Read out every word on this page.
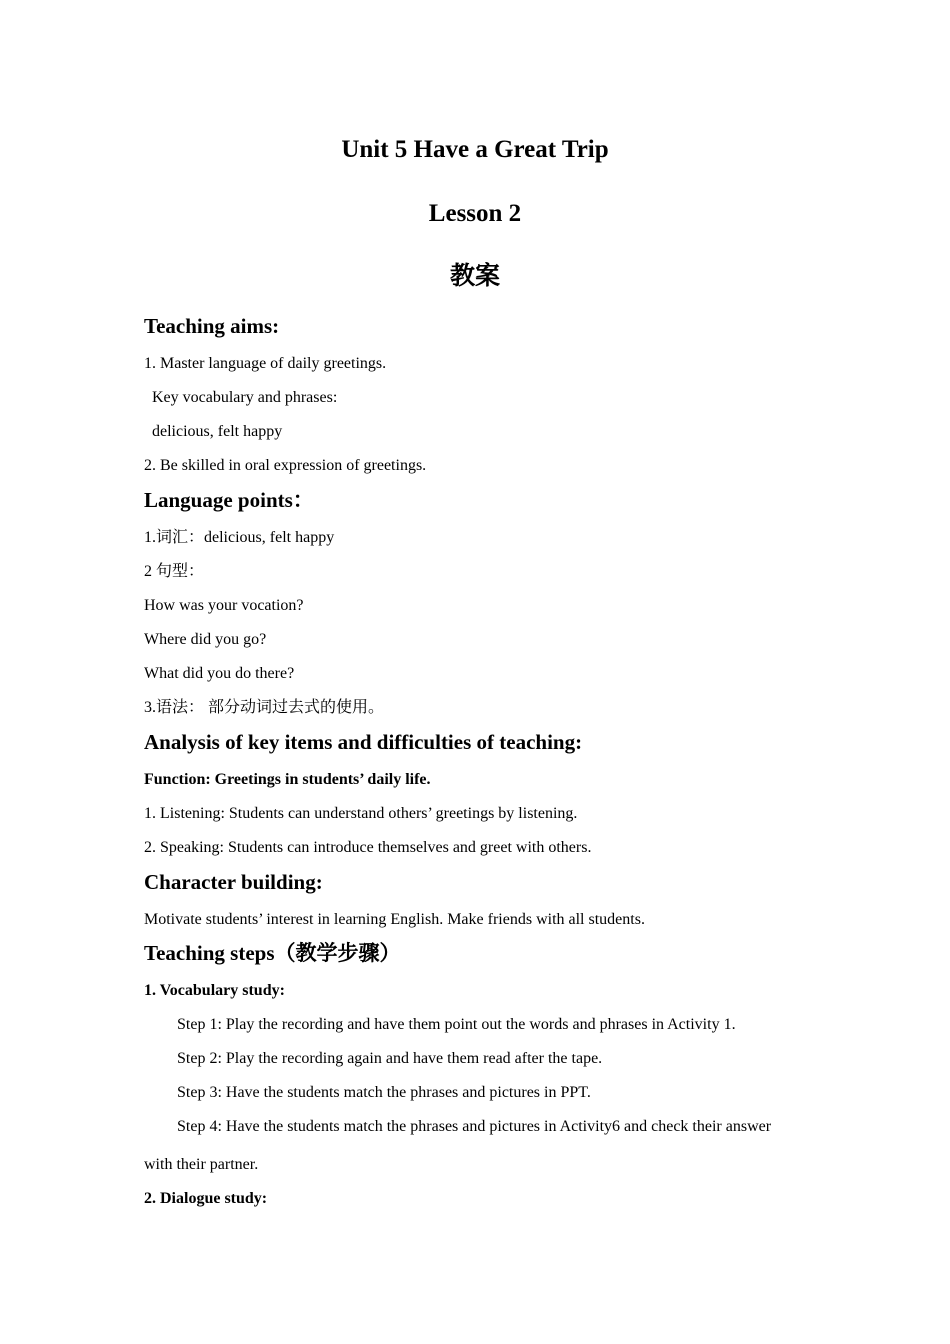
Unit 5 Have a Great Trip
Lesson 2
教案
Teaching aims:
1. Master language of daily greetings.
Key vocabulary and phrases:
delicious, felt happy
2. Be skilled in oral expression of greetings.
Language points：
1.词汇：delicious, felt happy
2 句型：
How was your vocation?
Where did you go?
What did you do there?
3.语法： 部分动词过去式的使用。
Analysis of key items and difficulties of teaching:
Function: Greetings in students’ daily life.
1. Listening: Students can understand others’ greetings by listening.
2. Speaking: Students can introduce themselves and greet with others.
Character building:
Motivate students’ interest in learning English. Make friends with all students.
Teaching steps（教学步骤）
1. Vocabulary study:
Step 1: Play the recording and have them point out the words and phrases in Activity 1.
Step 2: Play the recording again and have them read after the tape.
Step 3: Have the students match the phrases and pictures in PPT.
Step 4: Have the students match the phrases and pictures in Activity6 and check their answer
with their partner.
2. Dialogue study:
